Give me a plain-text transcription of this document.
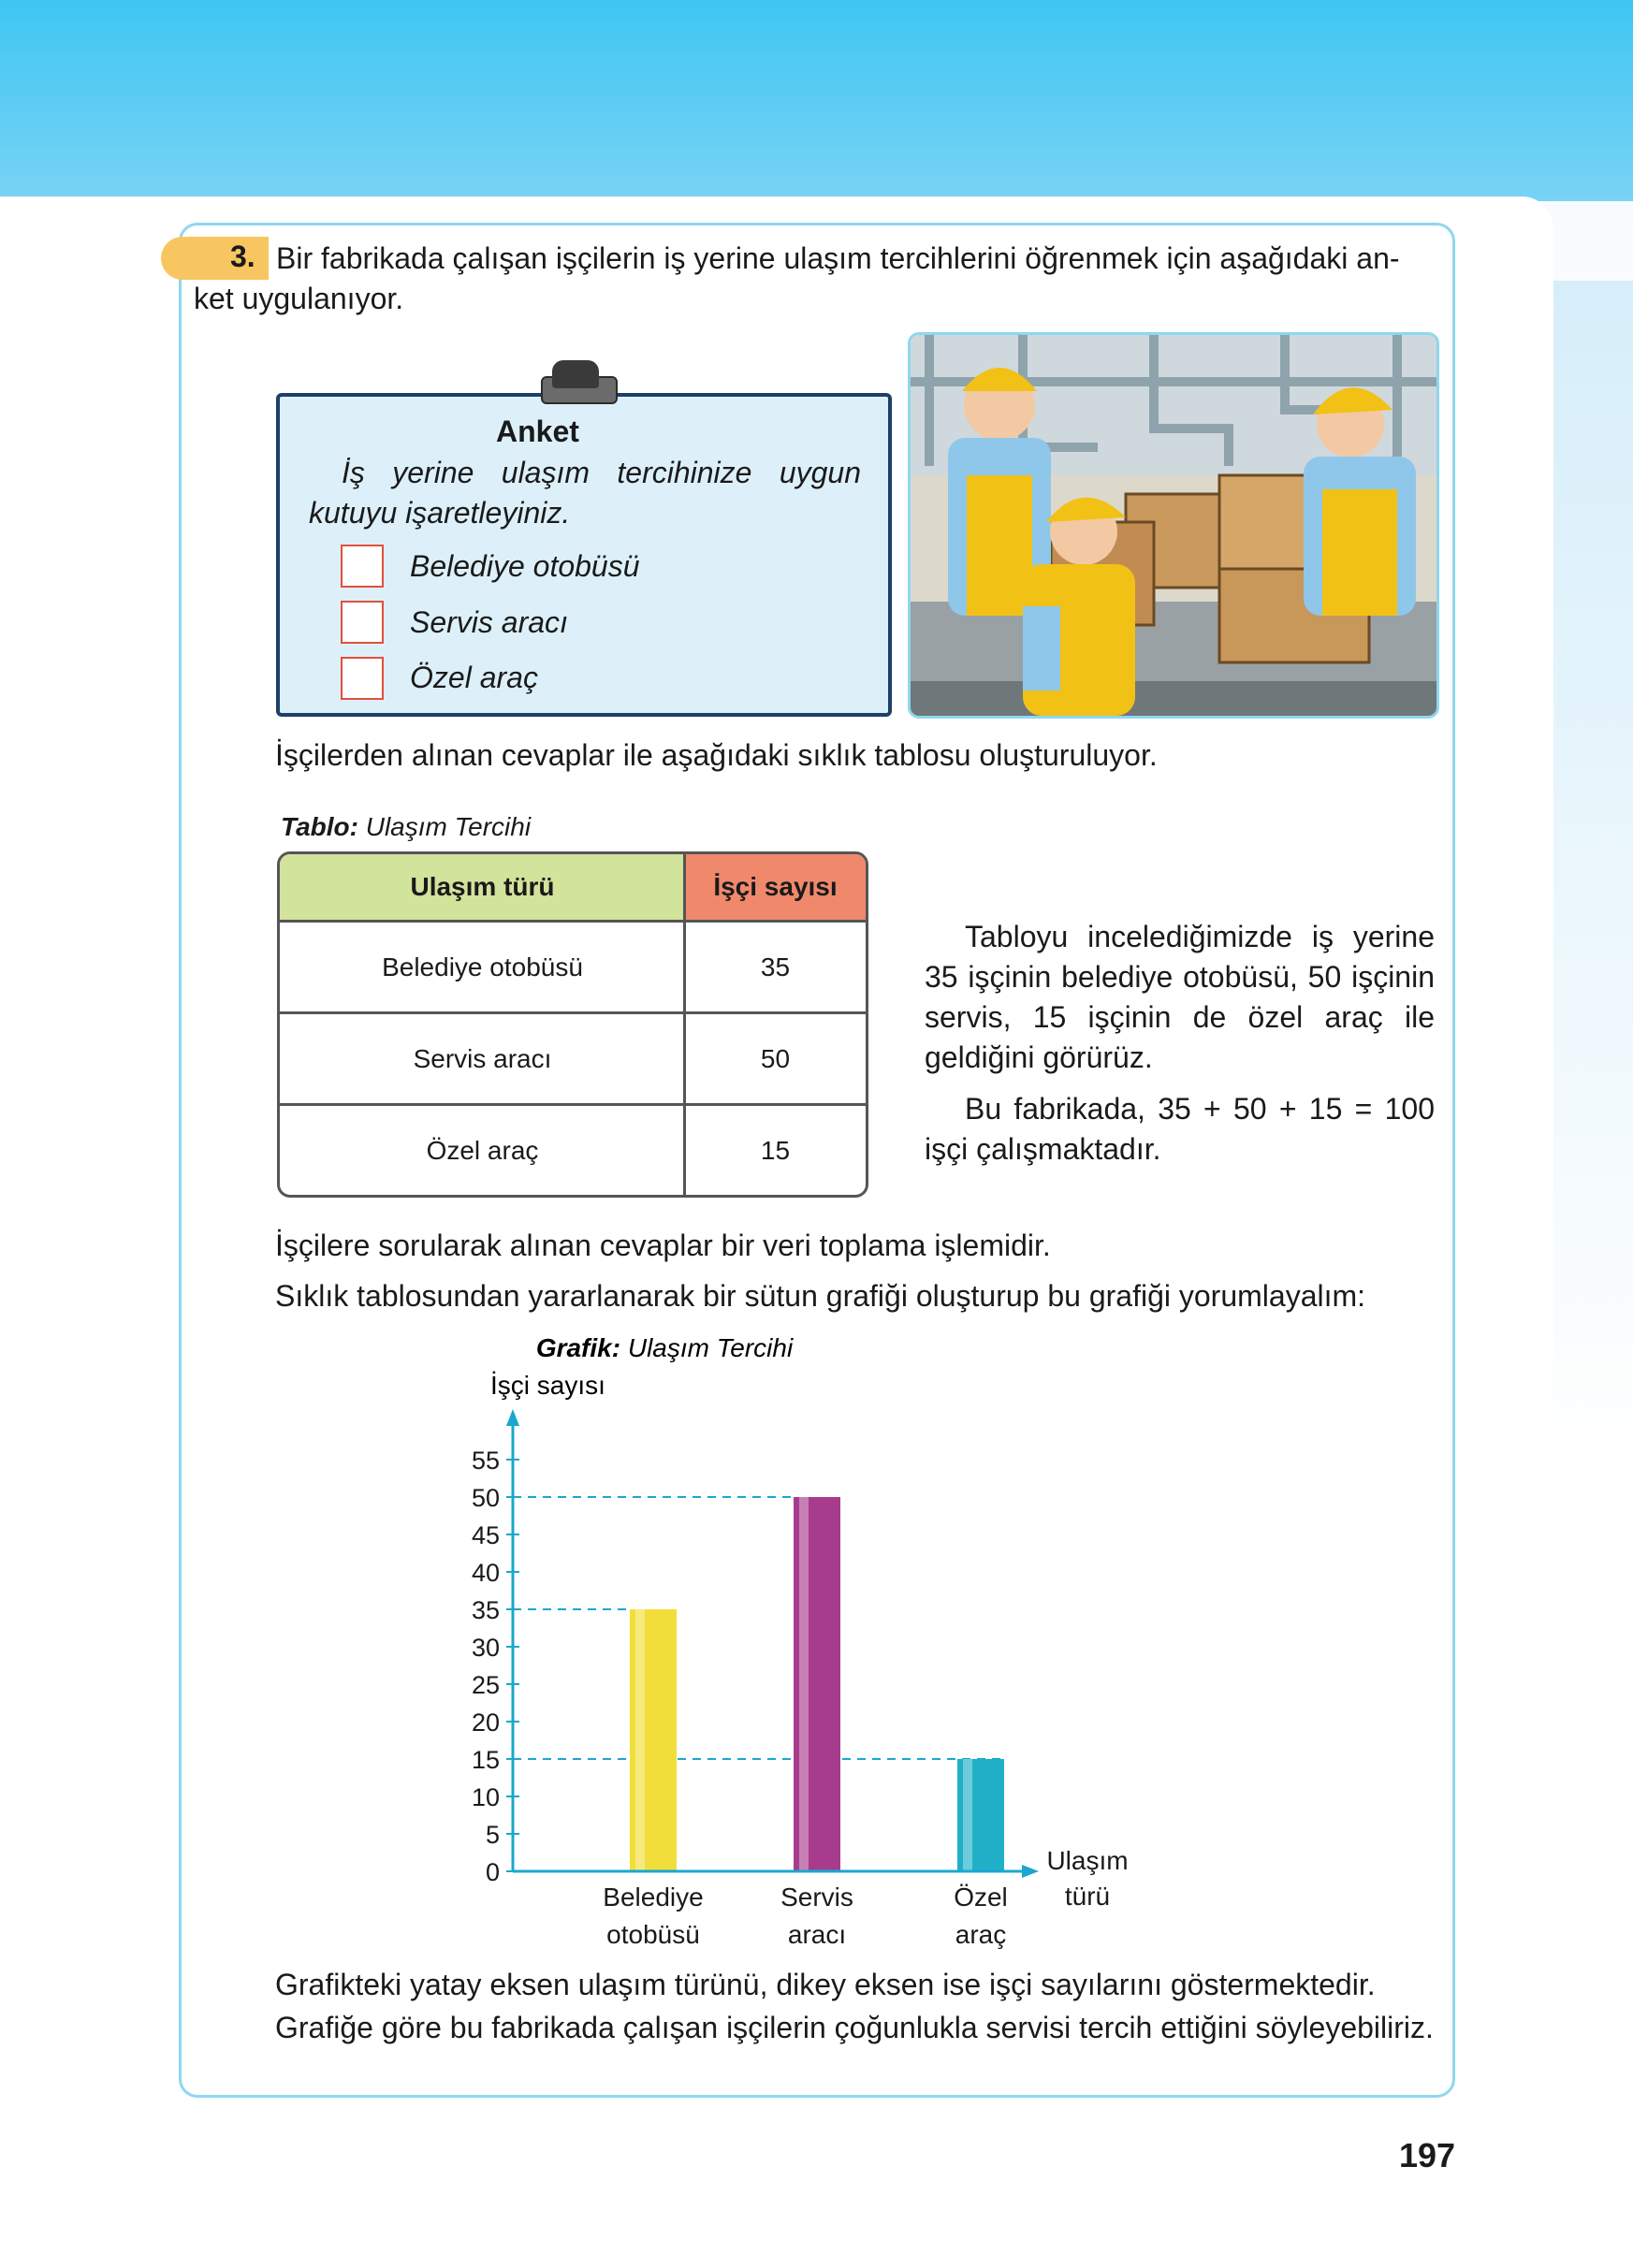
3. Bir fabrikada çalışan işçilerin iş yerine ulaşım tercihlerini öğrenmek için aşağıdaki an-
ket uygulanıyor.
Anket
İş yerine ulaşım tercihinize uygun kutuyu işaretleyiniz.
Belediye otobüsü
Servis aracı
Özel araç
İşçilerden alınan cevaplar ile aşağıdaki sıklık tablosu oluşturuluyor.
Tablo: Ulaşım Tercihi
Ulaşım türü	İşçi sayısı
Belediye otobüsü	35
Servis aracı	50
Özel araç	15
Tabloyu incelediğimizde iş yerine 35 işçinin belediye otobüsü, 50 işçinin servis, 15 işçinin de özel araç ile geldiğini görürüz.
Bu fabrikada, 35 + 50 + 15 = 100 işçi çalışmaktadır.
İşçilere sorularak alınan cevaplar bir veri toplama işlemidir.
Sıklık tablosundan yararlanarak bir sütun grafiği oluşturup bu grafiği yorumlayalım:
Grafik: Ulaşım Tercihi
İşçi sayısı
0
5
10
15
20
25
30
35
40
45
50
55
Belediye
otobüsü
Servis
aracı
Özel
araç
Ulaşım
türü
Grafikteki yatay eksen ulaşım türünü, dikey eksen ise işçi sayılarını göstermektedir.
Grafiğe göre bu fabrikada çalışan işçilerin çoğunlukla servisi tercih ettiğini söyleyebiliriz.
197
